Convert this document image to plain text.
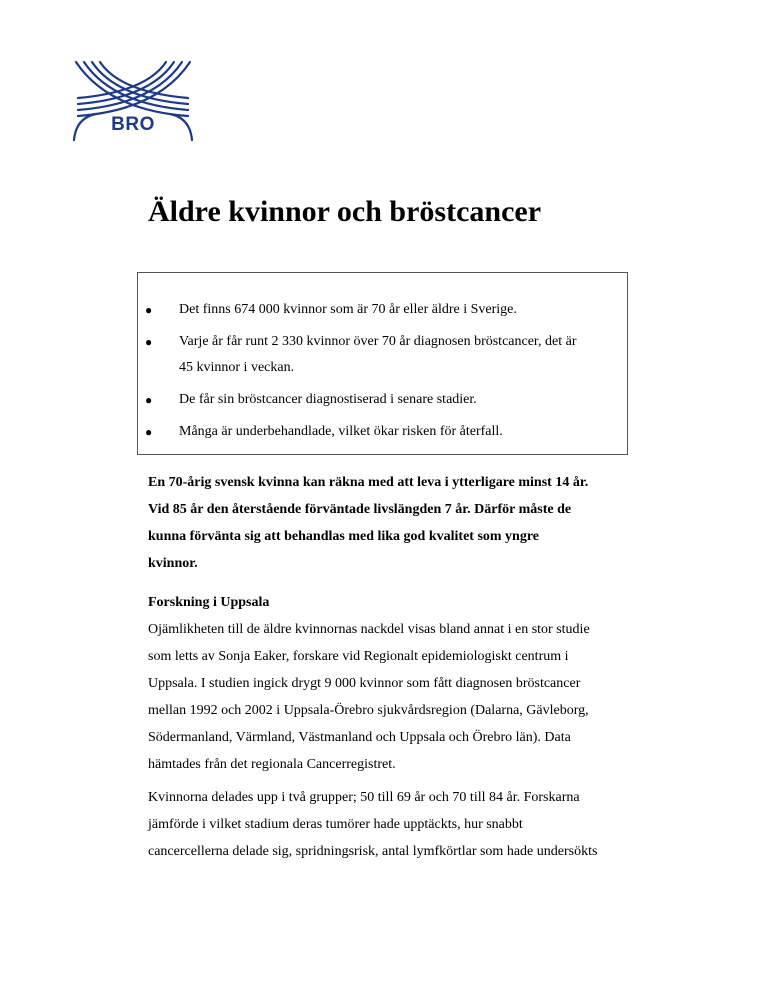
BRO
Äldre kvinnor och bröstcancer
● Det finns 674 000 kvinnor som är 70 år eller äldre i Sverige.
● Varje år får runt 2 330 kvinnor över 70 år diagnosen bröstcancer, det är
45 kvinnor i veckan.
● De får sin bröstcancer diagnostiserad i senare stadier.
● Många är underbehandlade, vilket ökar risken för återfall.

En 70-årig svensk kvinna kan räkna med att leva i ytterligare minst 14 år.
Vid 85 år den återstående förväntade livslängden 7 år. Därför måste de
kunna förvänta sig att behandlas med lika god kvalitet som yngre
kvinnor.

Forskning i Uppsala

Ojämlikheten till de äldre kvinnornas nackdel visas bland annat i en stor studie
som letts av Sonja Eaker, forskare vid Regionalt epidemiologiskt centrum i
Uppsala. I studien ingick drygt 9 000 kvinnor som fått diagnosen bröstcancer
mellan 1992 och 2002 i Uppsala-Örebro sjukvårdsregion (Dalarna, Gävleborg,
Södermanland, Värmland, Västmanland och Uppsala och Örebro län). Data
hämtades från det regionala Cancerregistret.

Kvinnorna delades upp i två grupper; 50 till 69 år och 70 till 84 år. Forskarna
jämförde i vilket stadium deras tumörer hade upptäckts, hur snabbt
cancercellerna delade sig, spridningsrisk, antal lymfkörtlar som hade undersökts
